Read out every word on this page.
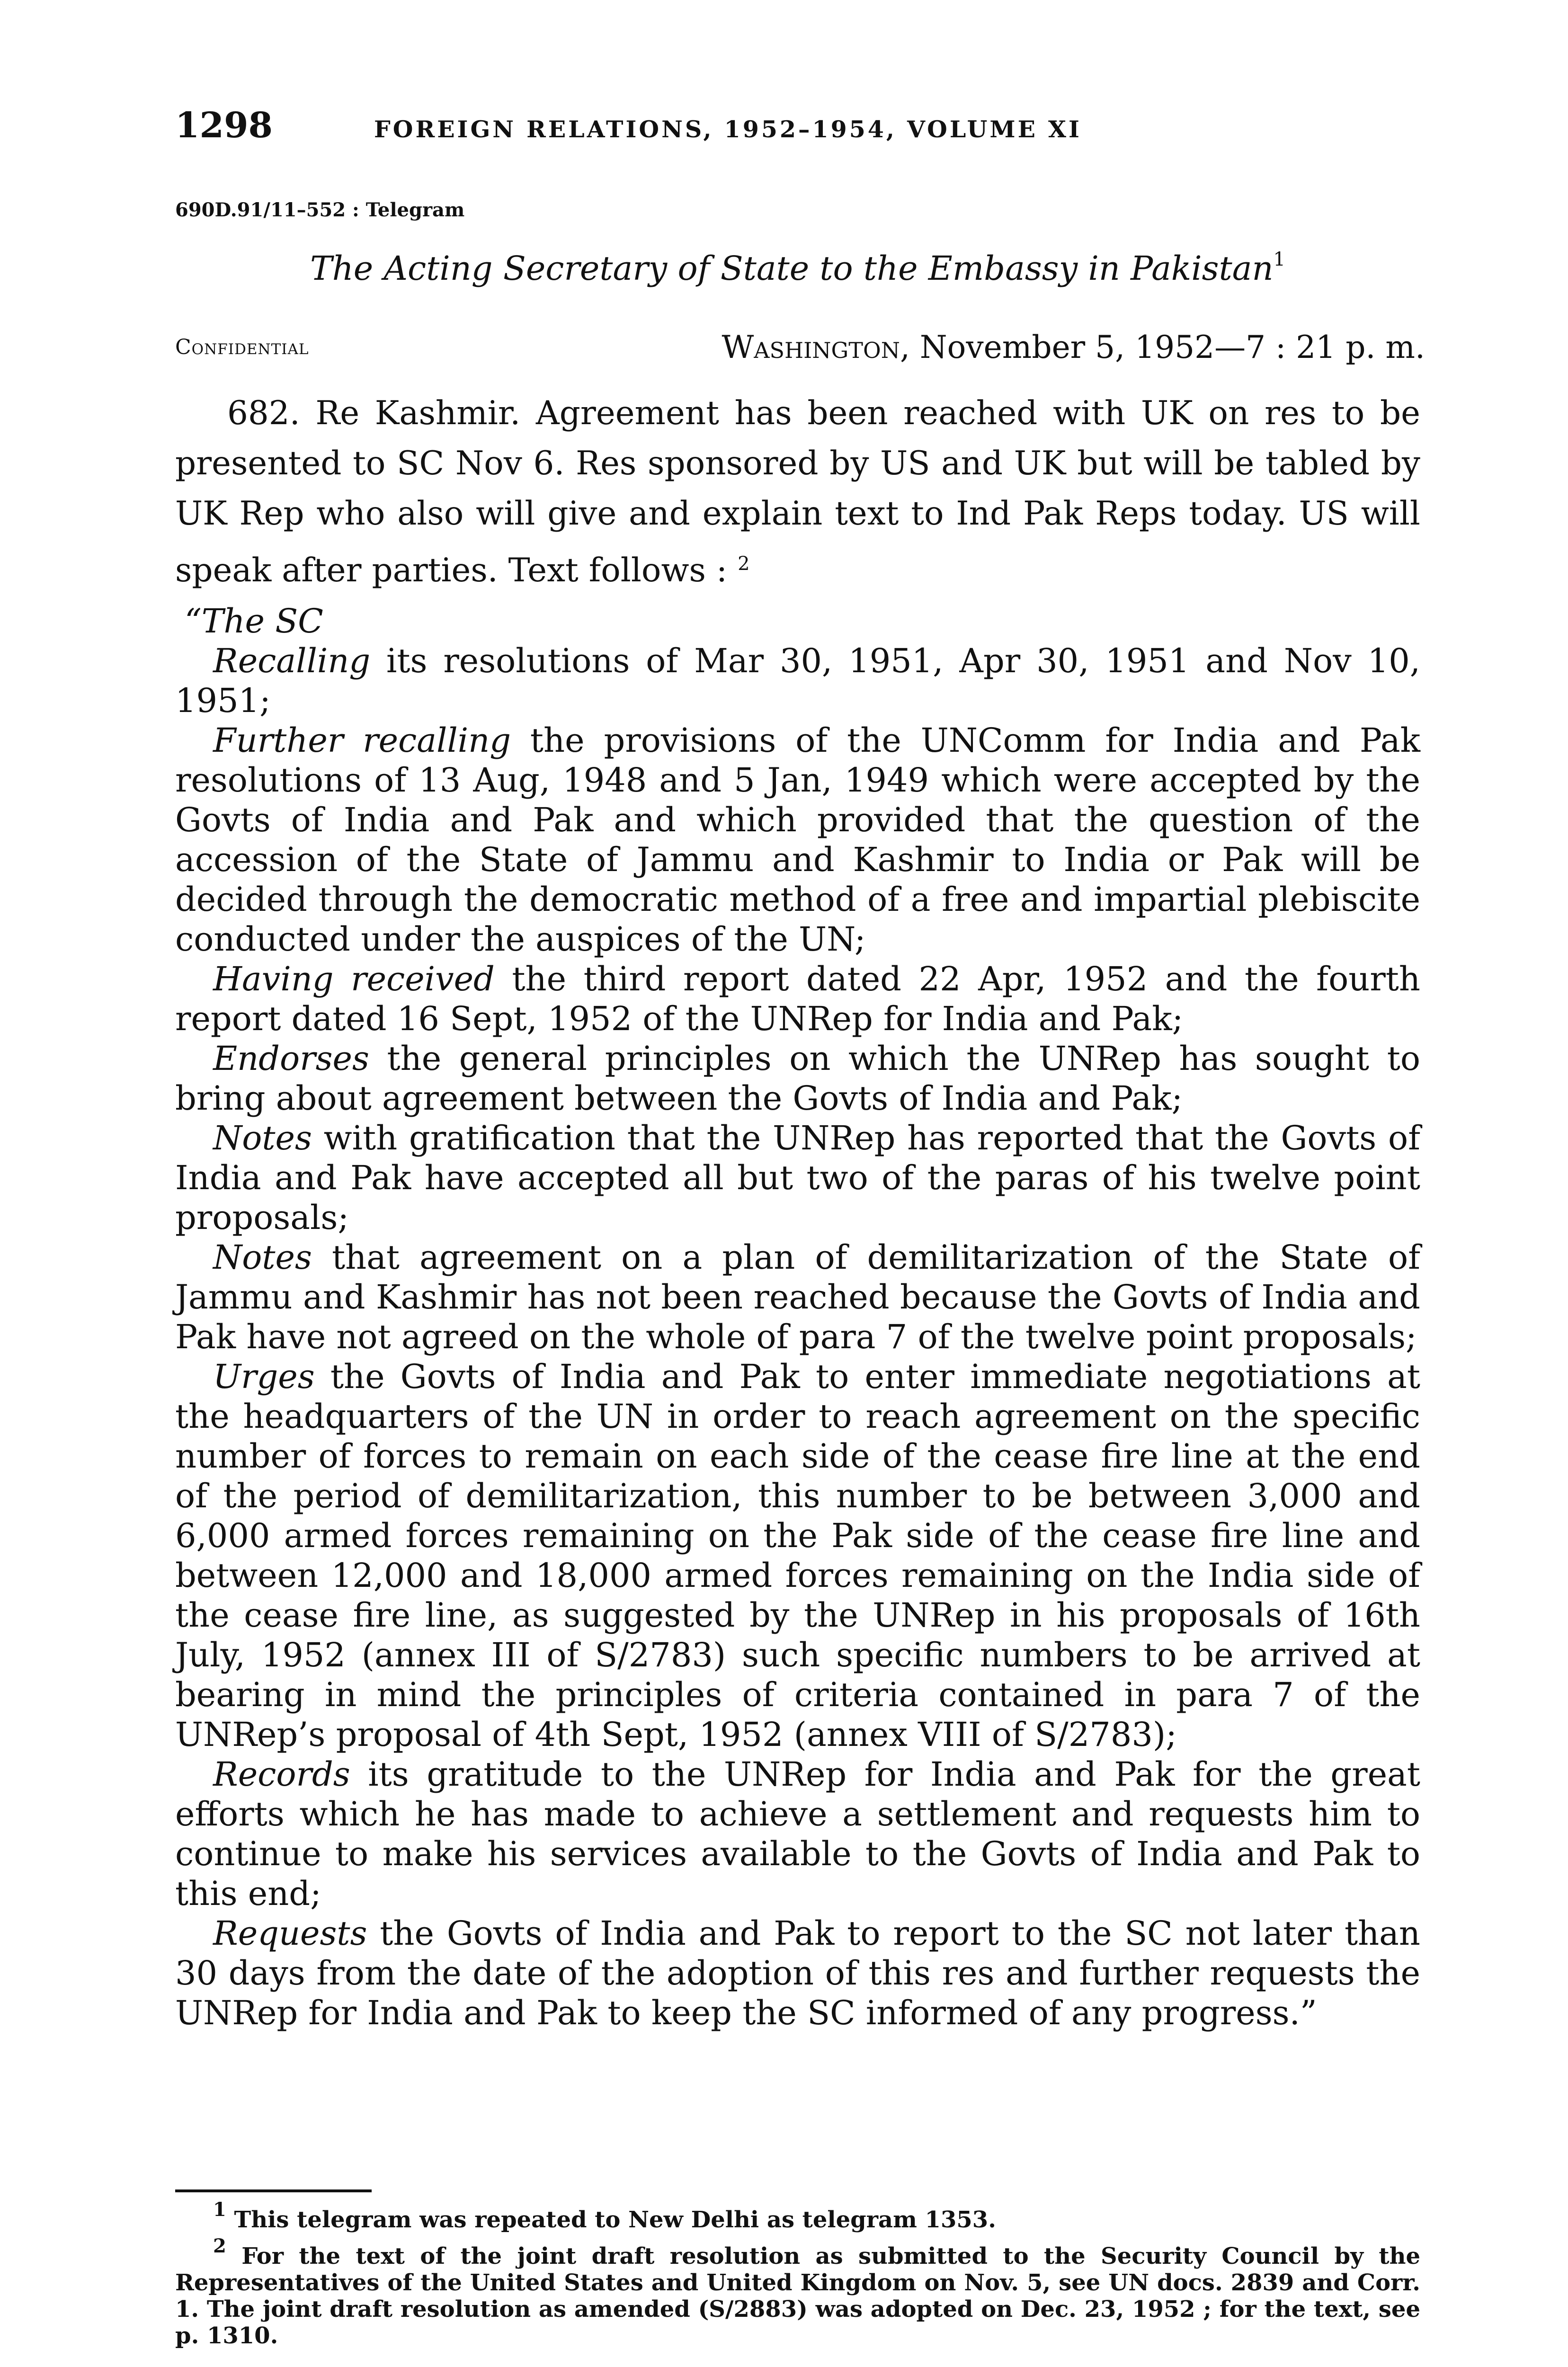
1298	FOREIGN RELATIONS, 1952–1954, VOLUME XI
690D.91/11–552 : Telegram
The Acting Secretary of State to the Embassy in Pakistan$^1$
Confidential	Washington, November 5, 1952—7 : 21 p. m.

682. Re Kashmir. Agreement has been reached with UK on res to be presented to SC Nov 6. Res sponsored by US and UK but will be tabled by UK Rep who also will give and explain text to Ind Pak Reps today. US will speak after parties. Text follows : $^2$

“The SC

Recalling its resolutions of Mar 30, 1951, Apr 30, 1951 and Nov 10, 1951;

Further recalling the provisions of the UNComm for India and Pak resolutions of 13 Aug, 1948 and 5 Jan, 1949 which were accepted by the Govts of India and Pak and which provided that the question of the accession of the State of Jammu and Kashmir to India or Pak will be decided through the democratic method of a free and impartial plebiscite conducted under the auspices of the UN;

Having received the third report dated 22 Apr, 1952 and the fourth report dated 16 Sept, 1952 of the UNRep for India and Pak;

Endorses the general principles on which the UNRep has sought to bring about agreement between the Govts of India and Pak;

Notes with gratification that the UNRep has reported that the Govts of India and Pak have accepted all but two of the paras of his twelve point proposals;

Notes that agreement on a plan of demilitarization of the State of Jammu and Kashmir has not been reached because the Govts of India and Pak have not agreed on the whole of para 7 of the twelve point proposals;

Urges the Govts of India and Pak to enter immediate negotiations at the headquarters of the UN in order to reach agreement on the specific number of forces to remain on each side of the cease fire line at the end of the period of demilitarization, this number to be between 3,000 and 6,000 armed forces remaining on the Pak side of the cease fire line and between 12,000 and 18,000 armed forces remaining on the India side of the cease fire line, as suggested by the UNRep in his proposals of 16th July, 1952 (annex III of S/2783) such specific numbers to be arrived at bearing in mind the principles of criteria contained in para 7 of the UNRep’s proposal of 4th Sept, 1952 (annex VIII of S/2783);

Records its gratitude to the UNRep for India and Pak for the great efforts which he has made to achieve a settlement and requests him to continue to make his services available to the Govts of India and Pak to this end;

Requests the Govts of India and Pak to report to the SC not later than 30 days from the date of the adoption of this res and further requests the UNRep for India and Pak to keep the SC informed of any progress.”

$^1$ This telegram was repeated to New Delhi as telegram 1353.

$^2$ For the text of the joint draft resolution as submitted to the Security Council by the Representatives of the United States and United Kingdom on Nov. 5, see UN docs. 2839 and Corr. 1. The joint draft resolution as amended (S/2883) was adopted on Dec. 23, 1952 ; for the text, see p. 1310.
